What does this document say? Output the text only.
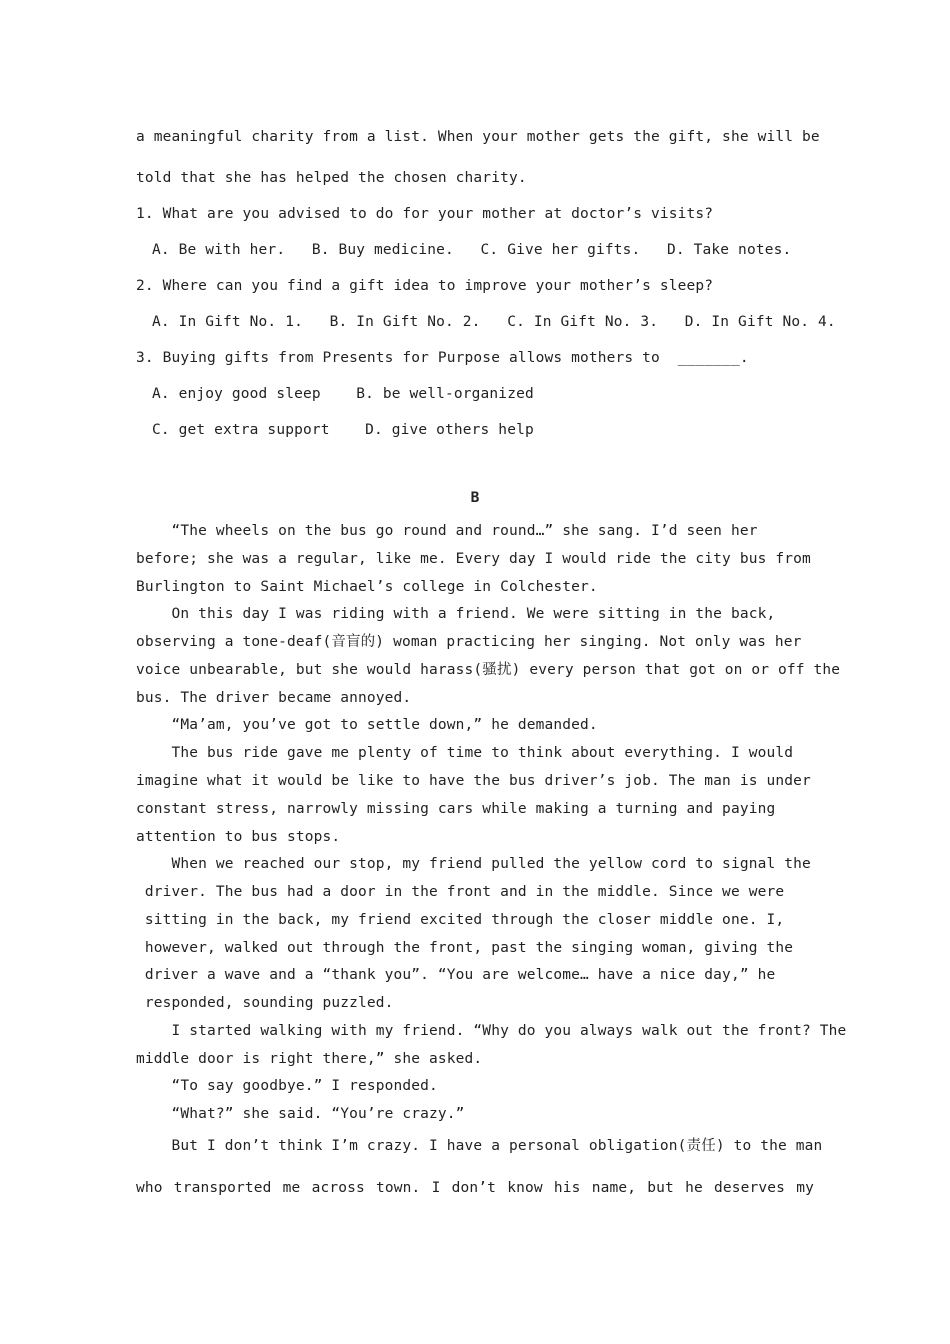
a meaningful charity from a list. When your mother gets the gift, she will be
told that she has helped the chosen charity.
1. What are you advised to do for your mother at doctor’s visits?
A. Be with her.   B. Buy medicine.   C. Give her gifts.   D. Take notes.
2. Where can you find a gift idea to improve your mother’s sleep?
A. In Gift No. 1.   B. In Gift No. 2.   C. In Gift No. 3.   D. In Gift No. 4.
3. Buying gifts from Presents for Purpose allows mothers to  _______.
A. enjoy good sleep    B. be well-organized
C. get extra support    D. give others help
B
“The wheels on the bus go round and round…” she sang. I’d seen her
before; she was a regular, like me. Every day I would ride the city bus from
Burlington to Saint Michael’s college in Colchester.
On this day I was riding with a friend. We were sitting in the back,
observing a tone-deaf(音盲的) woman practicing her singing. Not only was her
voice unbearable, but she would harass(骚扰) every person that got on or off the
bus. The driver became annoyed.
“Ma’am, you’ve got to settle down,” he demanded.
The bus ride gave me plenty of time to think about everything. I would
imagine what it would be like to have the bus driver’s job. The man is under
constant stress, narrowly missing cars while making a turning and paying
attention to bus stops.
When we reached our stop, my friend pulled the yellow cord to signal the
driver. The bus had a door in the front and in the middle. Since we were
sitting in the back, my friend excited through the closer middle one. I,
however, walked out through the front, past the singing woman, giving the
driver a wave and a “thank you”. “You are welcome… have a nice day,” he
responded, sounding puzzled.
I started walking with my friend. “Why do you always walk out the front? The
middle door is right there,” she asked.
“To say goodbye.” I responded.
“What?” she said. “You’re crazy.”
But I don’t think I’m crazy. I have a personal obligation(责任) to the man
who transported me across town. I don’t know his name, but he deserves my
